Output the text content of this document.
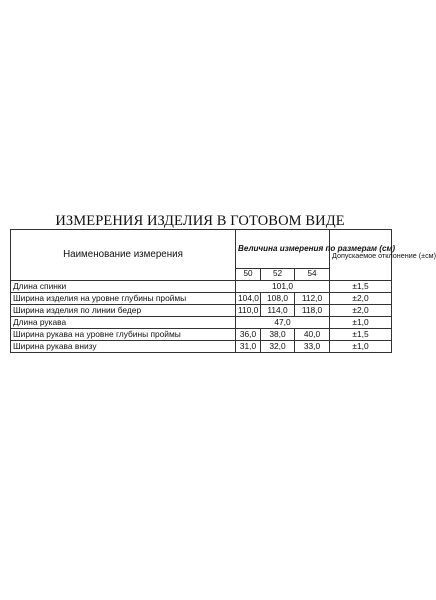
ИЗМЕРЕНИЯ ИЗДЕЛИЯ В ГОТОВОМ ВИДЕ
Наименование измерения	Величина измерения по размерам (см)			Допускаемое отклонение (±см)
	50	52	54	
Длина спинки	101,0			±1,5
Ширина изделия на уровне глубины проймы	104,0	108,0	112,0	±2,0
Ширина изделия по линии бедер	110,0	114,0	118,0	±2,0
Длина рукава	47,0			±1,0
Ширина рукава на уровне глубины проймы	36,0	38,0	40,0	±1,5
Ширина рукава внизу	31,0	32,0	33,0	±1,0
